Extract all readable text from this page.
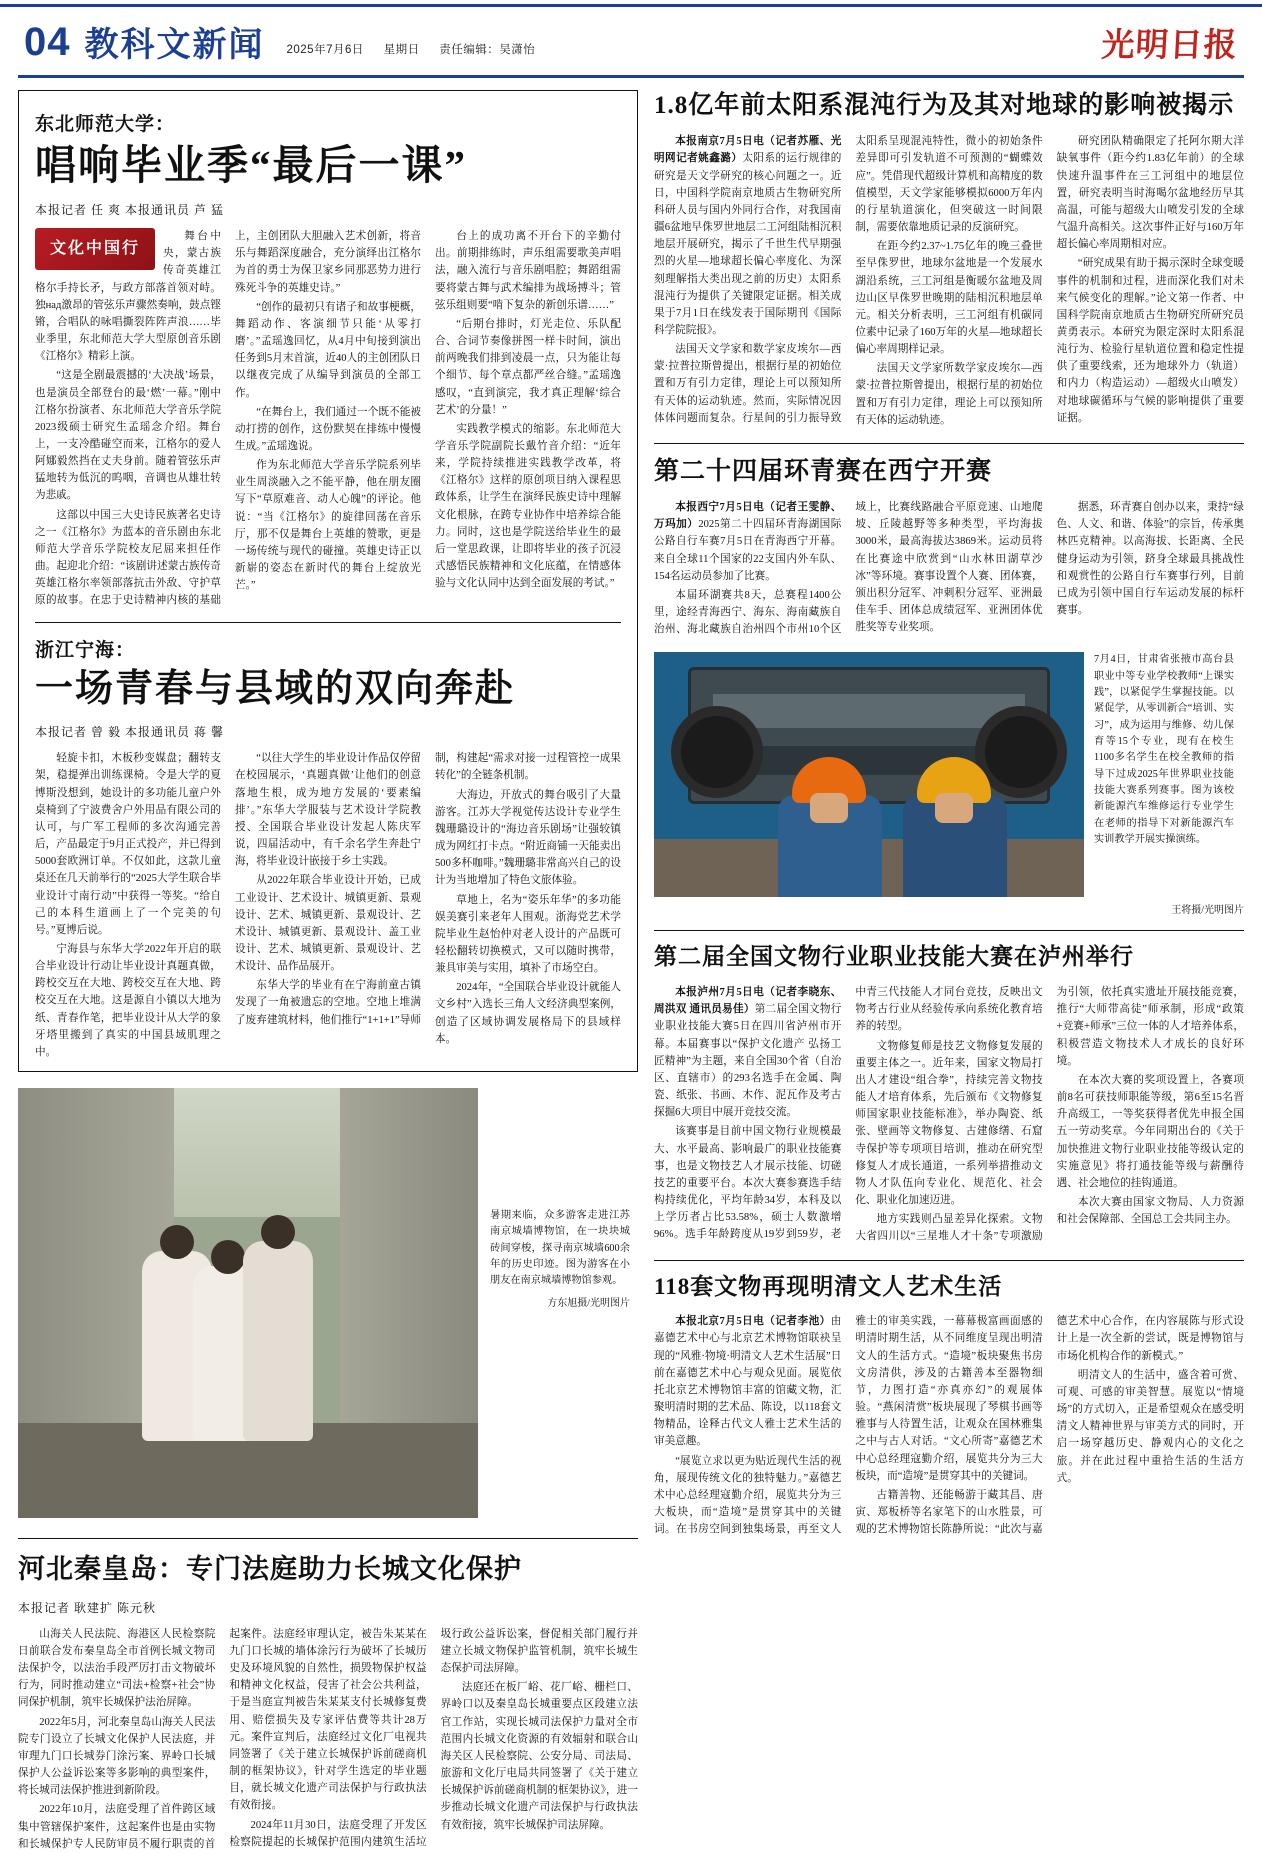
04 教科文新闻 2025年7月6日 星期日 责任编辑：吴潇怡	光明日报
东北师范大学：
唱响毕业季“最后一课”
本报记者 任 爽 本报通讯员 芦 猛
文化中国行

舞台中央，蒙古族传奇英雄江格尔手持长矛，与政方部落首领对峙。独над激昂的管弦乐声骤然奏响，鼓点铿锵，合唱队的咏唱撕裂阵阵声浪……毕业季里，东北师范大学大型原创音乐剧《江格尔》精彩上演。

“这是全剧最震撼的‘大决战’场景，也是演员全部登台的最‘燃’一幕。”刚中江格尔扮演者、东北师范大学音乐学院2023级硕士研究生孟瑶念介绍。舞台上，一支冷酷碰空而来，江格尔的爱人阿娜毅然挡在丈夫身前。随着管弦乐声猛地转为低沉的呜咽，音调也从雄壮转为悲戚。

这部以中国三大史诗民族著名史诗之一《江格尔》为蓝本的音乐剧由东北师范大学音乐学院校友尼屈来担任作曲。起迎北介绍：“该剧讲述蒙古族传奇英雄江格尔率领部落抗击外敌、守护草原的故事。在忠于史诗精神内核的基础上，主创团队大胆融入艺术创新，将音乐与舞蹈深度融合，充分演绎出江格尔为首的勇士为保卫家乡同那恶势力进行殊死斗争的英雄史诗。”

“创作的最初只有诸子和故事梗概，舞蹈动作、客演细节只能‘从零打磨’。”孟瑶逸回忆，从4月中旬接到演出任务到5月末首演，近40人的主创团队日以继夜完成了从编导到演员的全部工作。

“在舞台上，我们通过一个既不能被动打捞的创作，这份默契在排练中慢慢生成。”孟瑶逸说。

作为东北师范大学音乐学院系列毕业生周淡融入之不能平静，他在朋友圈写下“草原难音、动人心魄”的评论。他说：“当《江格尔》的旋律回荡在音乐厅，那不仅是舞台上英雄的赞歌，更是一场传统与现代的碰撞。英雄史诗正以新崭的姿态在新时代的舞台上绽放光芒。”

台上的成功离不开台下的辛勤付出。前期排练时，声乐组需要歌美声唱法，融入流行与音乐剧唱腔；舞蹈组需要将蒙古舞与武术编排为战场搏斗；管弦乐组则要“啃下复杂的新创乐谱……”

“后期台排时，灯光走位、乐队配合、合词节奏像拼图一样卡时间，演出前两晚我们排到凌晨一点，只为能让每个细节、每个章点都严丝合缝。”孟瑶逸感叹，“直到演完，我才真正理解‘综合艺术’的分量！”

实践教学模式的缩影。东北师范大学音乐学院副院长戴竹音介绍：“近年来，学院持续推进实践教学改革，将《江格尔》这样的原创项目纳入课程思政体系，让学生在演绎民族史诗中理解文化根脉，在跨专业协作中培养综合能力。同时，这也是学院送给毕业生的最后一堂思政课，让即将毕业的孩子沉浸式感悟民族精神和文化底蕴，在情感体验与文化认同中达到全面发展的考试。”

浙江宁海：
一场青春与县域的双向奔赴
本报记者 曾 毅 本报通讯员 蒋 馨

轻旋卡扣，木板秒变媒盘；翻转支架，稳提弹出训练课椅。令是大学的夏博斯没想到，她设计的多功能儿童户外桌椅到了宁波费舍户外用品有限公司的认可，与广军工程师的多次沟通完善后，产品最定于9月正式投产，并已得到5000套欧洲订单。不仅如此，这款儿童桌还在几天前举行的“2025大学生联合毕业设计寸南行动”中获得一等奖。“给自己的本科生道画上了一个完美的句号。”夏博后说。

宁海县与东华大学2022年开启的联合毕业设计行动让毕业设计真题真做，跨校交互在大地、跨校交互在大地、跨校交互在大地。这是源自小镇以大地为纸、青春作笔，把毕业设计从大学的象牙塔里搬到了真实的中国县域肌理之中。

“以往大学生的毕业设计作品仅停留在校园展示，‘真题真做’让他们的创意落地生根，成为地方发展的‘要素编排’。”东华大学服装与艺术设计学院教授、全国联合毕业设计发起人陈庆军说，四届活动中，有千余名学生奔赴宁海，将毕业设计嵌接于乡土实践。

从2022年联合毕业设计开始，已成工业设计、艺术设计、城镇更新、景观设计、艺术、城镇更新、景观设计、艺术设计、城镇更新、景观设计、盖工业设计、艺术、城镇更新、景观设计、艺术设计、品作品展开。

东华大学的毕业有在宁海前童古镇发现了一角被遗忘的空地。空地上堆满了废弃建筑材料，他们推行“1+1+1”导师制，构建起“需求对接一过程管控一成果转化”的全链条机制。

大海边，开放式的舞台吸引了大量游客。江苏大学视觉传达设计专业学生魏珊璐设计的“海边音乐剧场”让强较镇成为网红打卡点。“附近商铺一天能卖出500多杯咖啡。”魏珊璐非常高兴自己的设计为当地增加了特色文旅体验。

草地上，名为“姿乐年华”的多功能娱美赛引来老年人围观。浙海党艺术学院毕业生赵怡仲对老人设计的产品既可轻松翻转切换模式，又可以随时携带，兼具审美与实用，填补了市场空白。

2024年，“全国联合毕业设计就能人文乡村”入选长三角人文经济典型案例，创造了区域协调发展格局下的县域样本。

暑期来临，众多游客走进江苏南京城墙博物馆，在一块块城砖间穿梭，探寻南京城墙600余年的历史印迹。图为游客在小朋友在南京城墙博物馆参观。
方东旭摄/光明图片
河北秦皇岛：专门法庭助力长城文化保护
本报记者 耿建扩 陈元秋

山海关人民法院、海港区人民检察院日前联合发布秦皇岛全市首例长城文物司法保护令，以法治手段严厉打击文物破坏行为，同时推动建立“司法+检察+社会”协同保护机制，筑牢长城保护法治屏障。

2022年5月，河北秦皇岛山海关人民法院专门设立了长城文化保护人民法庭，并审理九门口长城券门涂污案、界岭口长城保护人公益诉讼案等多影响的典型案件，将长城司法保护推进到新阶段。

2022年10月，法庭受理了首件跨区域集中管辖保护案件，这起案件也是由实物和长城保护专人民防审员不履行职责的首起案件。法庭经审理认定，被告朱某某在九门口长城的墙体涂污行为破坏了长城历史及环境风貌的自然性，损毁物保护权益和精神文化权益，侵害了社会公共利益，于是当庭宣判被告朱某某支付长城修复费用、赔偿损失及专家评估费等共计28万元。案件宣判后，法庭经过文化厂电视共同签署了《关于建立长城保护诉前磋商机制的框架协议》，针对学生选定的毕业题目，就长城文化遗产司法保护与行政执法有效衔接。

2024年11月30日，法庭受理了开发区检察院提起的长城保护范围内建筑生活垃圾行政公益诉讼案，督促相关部门履行并建立长城文物保护监管机制，筑牢长城生态保护司法屏障。

法庭还在板厂峪、花厂峪、栅栏口、界岭口以及秦皇岛长城重要点区段建立法官工作站，实现长城司法保护力量对全市范围内长城文化资源的有效辐射和联合山海关区人民检察院、公安分局、司法局、旅游和文化厅电局共同签署了《关于建立长城保护诉前磋商机制的框架协议》，进一步推动长城文化遗产司法保护与行政执法有效衔接，筑牢长城保护司法屏障。

1.8亿年前太阳系混沌行为及其对地球的影响被揭示

本报南京7月5日电（记者苏雁、光明网记者姚鑫潞）太阳系的运行规律的研究是天文学研究的核心问题之一。近日，中国科学院南京地质古生物研究所科研人员与国内外同行合作，对我国南疆6盆地早侏罗世地层二工河组陆相沉积地层开展研究，揭示了千世生代早期强烈的火星—地球超长偏心率度化、为深刻理解指大类出现之前的历史）太阳系混沌行为提供了关键限定证据。相关成果于7月1日在线发表于国际期刊《国际科学院院报》。

法国天文学家和数学家皮埃尔—西蒙·拉普拉斯曾提出，根据行星的初始位置和万有引力定律，理论上可以预知所有天体的运动轨迹。然而，实际情况因体体问题而复杂。行星间的引力振导致太阳系呈现混沌特性，微小的初始条件差异即可引发轨道不可预测的“蝴蝶效应”。凭借现代超级计算机和高精度的数值模型，天文学家能够模拟6000万年内的行星轨道演化，但突破这一时间限制，需要依靠地质记录的反演研究。

在距今约2.37~1.75亿年的晚三叠世至早侏罗世，地球尔盆地是一个发展水湖沿系统，三工河组是衡暖尔盆地及周边山区早侏罗世晚期的陆相沉积地层单元。相关分析表明，三工河组有机碳同位素中记录了160万年的火星—地球超长偏心率周期样记录。

法国天文学家所数学家皮埃尔—西蒙·拉普拉斯曾提出，根据行星的初始位置和万有引力定律，理论上可以预知所有天体的运动轨迹。

研究团队精确限定了托阿尔期大洋缺氧事件（距今约1.83亿年前）的全球快速升温事件在三工河组中的地层位置，研究表明当时海喝尔盆地经历早其高温，可能与超级大山喷发引发的全球气温升高相关。这次事件正好与160万年超长偏心率周期相对应。

“研究成果有助于揭示深时全球变暖事件的机制和过程，进而深化我们对未来气候变化的理解。”论文第一作者、中国科学院南京地质古生物研究所研究员黄勇表示。本研究为限定深时太阳系混沌行为、检验行星轨道位置和稳定性提供了重要线索，还为地球外力（轨道）和内力（构造运动）—超级火山喷发）对地球碳循环与气候的影响提供了重要证据。

第二十四届环青赛在西宁开赛

本报西宁7月5日电（记者王雯静、万玛加）2025第二十四届环青海湖国际公路自行车赛7月5日在青海西宁开幕。来自全球11个国家的22支国内外车队、154名运动员参加了比赛。

本届环湖赛共8天，总赛程1400公里，途经青海西宁、海东、海南藏族自治州、海北藏族自治州四个市州10个区域上，比赛线路融合平原竞速、山地爬坡、丘陵越野等多种类型，平均海拔3000米，最高海拔达3869米。运动员将在比赛途中欣赏到“山水林田湖草沙冰”等环境。赛事设置个人赛、团体赛，颁出积分冠军、冲刺积分冠军、亚洲最佳车手、团体总成绩冠军、亚洲团体优胜奖等专业奖项。

据悉，环青赛自创办以来，秉持“绿色、人文、和谐、体验”的宗旨，传承奥林匹克精神。以高海拔、长距离、全民健身运动为引领，跻身全球最具挑战性和观赏性的公路自行车赛事行列，目前已成为引领中国自行车运动发展的标杆赛事。

7月4日，甘肃省张掖市高台县职业中等专业学校教师“上课实践”，以紧促学生掌握技能。以紧促学，从零训新合“培训、实习”，成为运用与维修、幼儿保育等15个专业，现有在校生1100多名学生在校全教师的指导下过成2025年世界职业技能技能大赛系列赛事。图为该校新能源汽车维修运行专业学生在老师的指导下对新能源汽车实训教学开展实操演练。
王将摄/光明图片
第二届全国文物行业职业技能大赛在泸州举行

本报泸州7月5日电（记者李晓东、周洪双 通讯员易佳）第二届全国文物行业职业技能大赛5日在四川省泸州市开幕。本届赛事以“保护文化遗产 弘扬工匠精神”为主题，来自全国30个省（自治区、直辖市）的293名选手在金属、陶瓷、纸张、书画、木作、泥瓦作及考古探掘6大项目中展开竞技交流。

该赛事是目前中国文物行业规模最大、水平最高、影响最广的职业技能赛事，也是文物技艺人才展示技能、切磋技艺的重要平台。本次大赛参赛选手结构持续优化，平均年龄34岁，本科及以上学历者占比53.58%，硕士人数激增96%。选手年龄跨度从19岁到59岁，老中青三代技能人才同台竞技，反映出文物考古行业从经验传承向系统化教育培养的转型。

文物修复师是技艺文物修复发展的重要主体之一。近年来，国家文物局打出人才建设“组合拳”，持续完善文物技能人才培育体系，先后颁布《文物修复师国家职业技能标准》，举办陶瓷、纸张、壁画等文物修复、古建修缮、石窟寺保护等专项项目培训，推动在研究型修复人才成长通道，一系列举措推动文物人才队伍向专业化、规范化、社会化、职业化加速迈进。

地方实践则凸显差异化探索。文物大省四川以“三星堆人才十条”专项激励为引领，依托真实遗址开展技能竞赛，推行“大师带高徒”师承制，形成“政策+竞赛+师承”三位一体的人才培养体系，积极营造文物技术人才成长的良好环境。

在本次大赛的奖项设置上，各赛项前8名可获技师职能等级，第6至15名晋升高级工，一等奖获得者优先申报全国五一劳动奖章。今年同期出台的《关于加快推进文物行业职业技能等级认定的实施意见》将打通技能等级与薪酬待遇、社会地位的挂钩通道。

本次大赛由国家文物局、人力资源和社会保障部、全国总工会共同主办。

118套文物再现明清文人艺术生活

本报北京7月5日电（记者李池）由嘉德艺术中心与北京艺术博物馆联袂呈现的“风雅·物境·明清文人艺术生活展”日前在嘉德艺术中心与观众见面。展览依托北京艺术博物馆丰富的馆藏文物，汇聚明清时期的艺术品、陈设，以118套文物精品，诠释古代文人雅士艺术生活的审美意趣。

“展览立求以更为贴近现代生活的视角，展现传统文化的独特魅力。”嘉德艺术中心总经理寇勤介绍，展览共分为三大板块，而“造境”是贯穿其中的关键词。在书房空间到独集场景，再至文人雅士的审美实践，一幕幕极富画面感的明清时期生活，从不同维度呈现出明清文人的生活方式。“造境”板块聚焦书房文房清供，涉及的古籍善本至器物细节，力图打造“亦真亦幻”的观展体验。“燕闲清赏”板块展现了琴棋书画等雅事与人待置生活，让观众在国林雅集之中与古人对话。“文心所寄”嘉德艺术中心总经理寇勤介绍，展览共分为三大板块，而“造境”是贯穿其中的关键词。

古籍善物、还能畅游于藏其昌、唐寅、郑板桥等名家笔下的山水胜景，可观的艺术博物馆长陈静所说：“此次与嘉德艺术中心合作，在内容展陈与形式设计上是一次全新的尝试，既是博物馆与市场化机构合作的新模式。”

明清文人的生活中，盛含着可赏、可观、可感的审美智慧。展览以“情境场”的方式切入，正是希望观众在感受明清文人精神世界与审美方式的同时，开启一场穿越历史、静观内心的文化之旅。并在此过程中重拾生活的生活方式。
